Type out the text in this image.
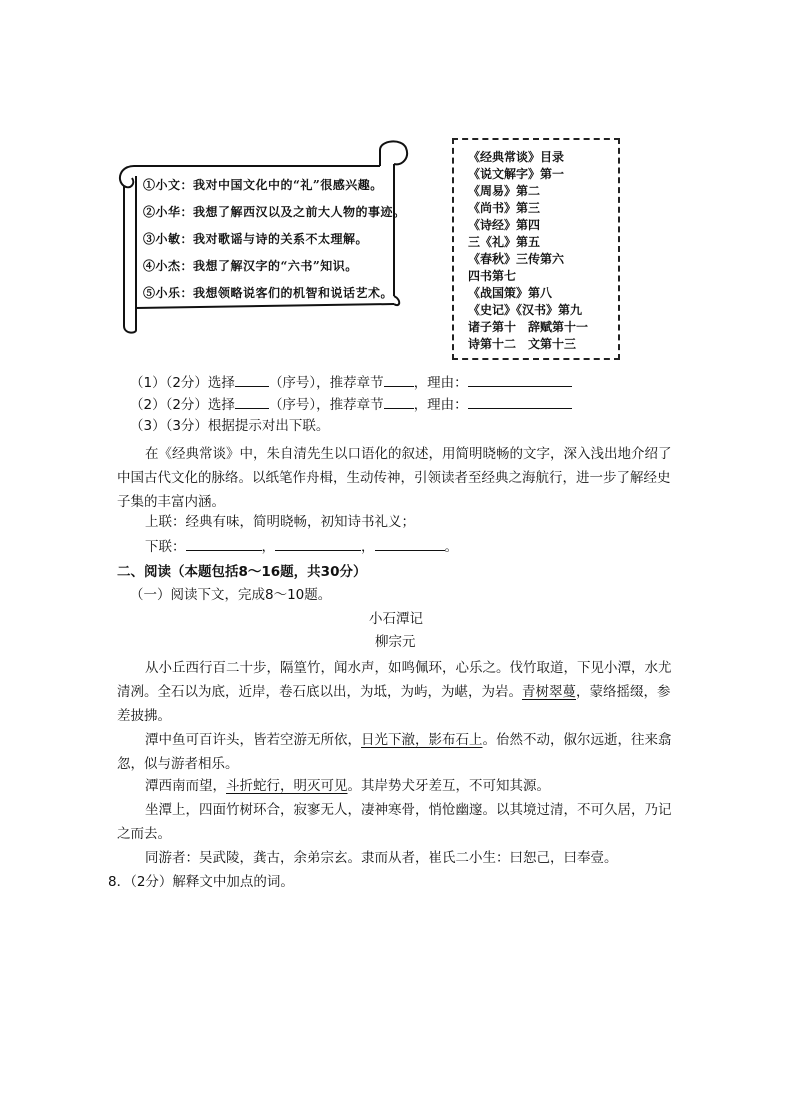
①小文：我对中国文化中的“礼”很感兴趣。
②小华：我想了解西汉以及之前大人物的事迹。
③小敏：我对歌谣与诗的关系不太理解。
④小杰：我想了解汉字的“六书”知识。
⑤小乐：我想领略说客们的机智和说话艺术。
《经典常谈》目录
《说文解字》第一
《周易》第二
《尚书》第三
《诗经》第四
三《礼》第五
《春秋》三传第六
四书第七
《战国策》第八
《史记》《汉书》第九
诸子第十　辞赋第十一
诗第十二　文第十三
（1）（2分）选择	（序号），推荐章节 ，理由：
（2）（2分）选择	（序号），推荐章节 ，理由：
（3）（3分）根据提示对出下联。
在《经典常谈》中，朱自清先生以口语化的叙述，用简明晓畅的文字，深入浅出地介绍了中国古代文化的脉络。以纸笔作舟楫，生动传神，引领读者至经典之海航行，进一步了解经史子集的丰富内涵。
上联：经典有味，简明晓畅，初知诗书礼义；
下联：	，	，	。
二、阅读（本题包括8～16题，共30分）
（一）阅读下文，完成8～10题。
小石潭记
柳宗元
从小丘西行百二十步，隔篁竹，闻水声，如鸣佩环，心乐之。伐竹取道，下见小潭，水尤清冽。全石以为底，近岸，卷石底以出，为坻，为屿，为嵁，为岩。青树翠蔓，蒙络摇缀，参差披拂。
潭中鱼可百许头，皆若空游无所依，日光下澈，影布石上。佁然不动，俶尔远逝，往来翕忽，似与游者相乐。
潭西南而望，斗折蛇行，明灭可见。其岸势犬牙差互，不可知其源。
坐潭上，四面竹树环合，寂寥无人，凄神寒骨，悄怆幽邃。以其境过清，不可久居，乃记之而去。
同游者：吴武陵，龚古，余弟宗玄。隶而从者，崔氏二小生：曰恕己，曰奉壹。
8．（2分）解释文中加点的词。
